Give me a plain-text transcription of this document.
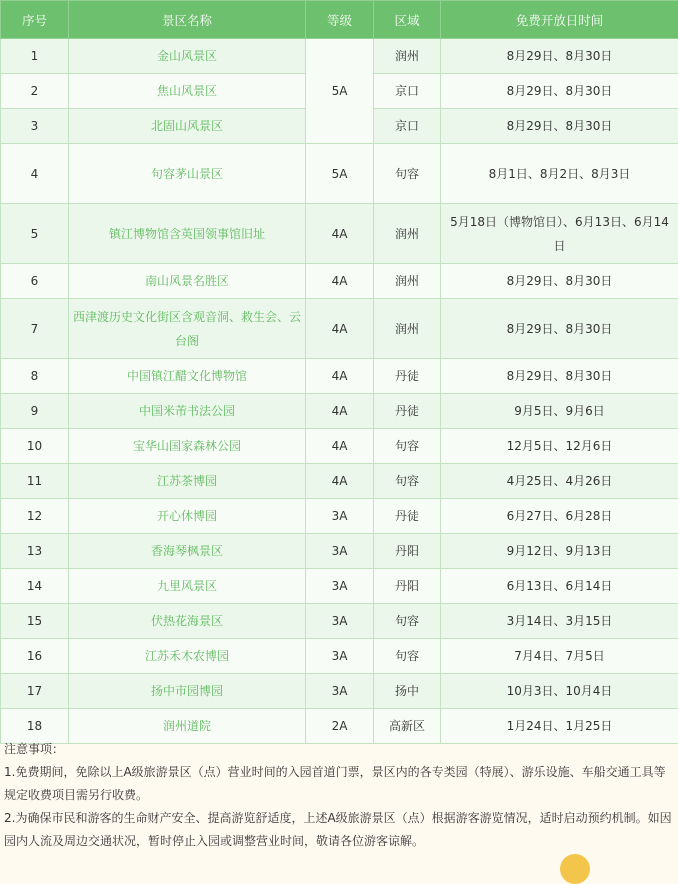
序号	景区名称	等级	区域	免费开放日时间
1	金山风景区	5A	润州	8月29日、8月30日
2	焦山风景区		京口	8月29日、8月30日
3	北固山风景区		京口	8月29日、8月30日
4	句容茅山景区	5A	句容	8月1日、8月2日、8月3日
5	镇江博物馆含英国领事馆旧址	4A	润州	5月18日（博物馆日）、6月13日、6月14日
6	南山风景名胜区	4A	润州	8月29日、8月30日
7	西津渡历史文化街区含观音洞、救生会、云台阁	4A	润州	8月29日、8月30日
8	中国镇江醋文化博物馆	4A	丹徒	8月29日、8月30日
9	中国米芾书法公园	4A	丹徒	9月5日、9月6日
10	宝华山国家森林公园	4A	句容	12月5日、12月6日
11	江苏茶博园	4A	句容	4月25日、4月26日
12	开心休博园	3A	丹徒	6月27日、6月28日
13	香海琴枫景区	3A	丹阳	9月12日、9月13日
14	九里风景区	3A	丹阳	6月13日、6月14日
15	伏热花海景区	3A	句容	3月14日、3月15日
16	江苏禾木农博园	3A	句容	7月4日、7月5日
17	扬中市园博园	3A	扬中	10月3日、10月4日
18	润州道院	2A	高新区	1月24日、1月25日

注意事项：

1.免费期间，免除以上A级旅游景区（点）营业时间的入园首道门票，景区内的各专类园（特展）、游乐设施、车船交通工具等规定收费项目需另行收费。

2.为确保市民和游客的生命财产安全、提高游览舒适度，上述A级旅游景区（点）根据游客游览情况，适时启动预约机制。如因园内人流及周边交通状况，暂时停止入园或调整营业时间，敬请各位游客谅解。
